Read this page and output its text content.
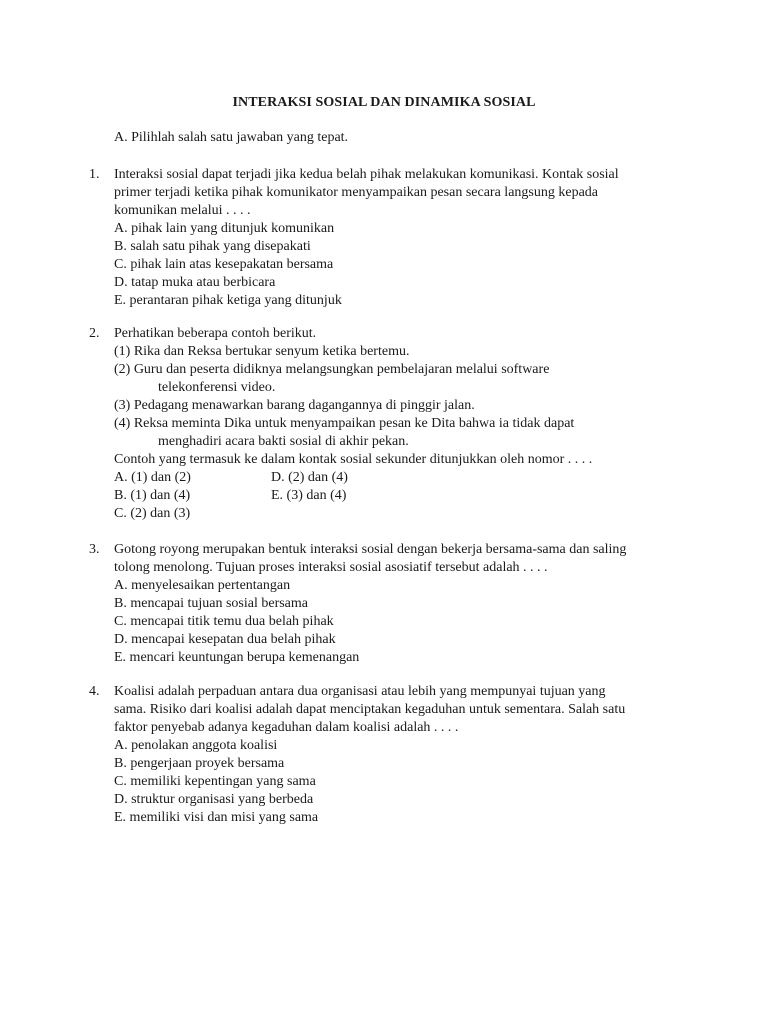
INTERAKSI SOSIAL DAN DINAMIKA SOSIAL
A. Pilihlah salah satu jawaban yang tepat.
1.	Interaksi sosial dapat terjadi jika kedua belah pihak melakukan komunikasi. Kontak sosial
primer terjadi ketika pihak komunikator menyampaikan pesan secara langsung kepada
komunikan melalui . . . .
A. pihak lain yang ditunjuk komunikan
B. salah satu pihak yang disepakati
C. pihak lain atas kesepakatan bersama
D. tatap muka atau berbicara
E. perantaran pihak ketiga yang ditunjuk
2.	Perhatikan beberapa contoh berikut.
(1) Rika dan Reksa bertukar senyum ketika bertemu.
(2) Guru dan peserta didiknya melangsungkan pembelajaran melalui software
telekonferensi video.
(3) Pedagang menawarkan barang dagangannya di pinggir jalan.
(4) Reksa meminta Dika untuk menyampaikan pesan ke Dita bahwa ia tidak dapat
menghadiri acara bakti sosial di akhir pekan.
Contoh yang termasuk ke dalam kontak sosial sekunder ditunjukkan oleh nomor . . . .
A. (1) dan (2)	D. (2) dan (4)
B. (1) dan (4)	E. (3) dan (4)
C. (2) dan (3)
3.	Gotong royong merupakan bentuk interaksi sosial dengan bekerja bersama-sama dan saling
tolong menolong. Tujuan proses interaksi sosial asosiatif tersebut adalah . . . .
A. menyelesaikan pertentangan
B. mencapai tujuan sosial bersama
C. mencapai titik temu dua belah pihak
D. mencapai kesepatan dua belah pihak
E. mencari keuntungan berupa kemenangan
4.	Koalisi adalah perpaduan antara dua organisasi atau lebih yang mempunyai tujuan yang
sama. Risiko dari koalisi adalah dapat menciptakan kegaduhan untuk sementara. Salah satu
faktor penyebab adanya kegaduhan dalam koalisi adalah . . . .
A. penolakan anggota koalisi
B. pengerjaan proyek bersama
C. memiliki kepentingan yang sama
D. struktur organisasi yang berbeda
E. memiliki visi dan misi yang sama
